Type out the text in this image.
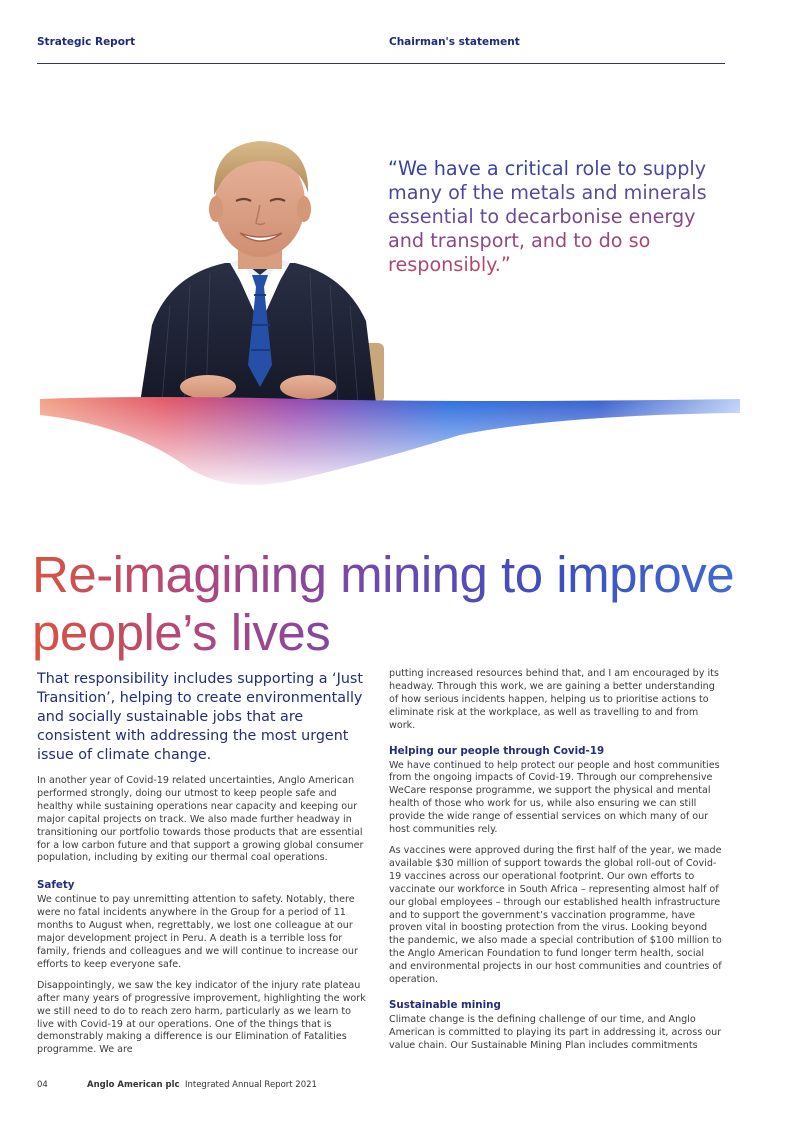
Strategic Report	Chairman's statement
“We have a critical role to supply many of the metals and minerals essential to decarbonise energy and transport, and to do so responsibly.”
Re-imagining mining to improve people’s lives

That responsibility includes supporting a ‘Just Transition’, helping to create environmentally and socially sustainable jobs that are consistent with addressing the most urgent issue of climate change.

In another year of Covid-19 related uncertainties, Anglo American performed strongly, doing our utmost to keep people safe and healthy while sustaining operations near capacity and keeping our major capital projects on track. We also made further headway in transitioning our portfolio towards those products that are essential for a low carbon future and that support a growing global consumer population, including by exiting our thermal coal operations.

Safety

We continue to pay unremitting attention to safety. Notably, there were no fatal incidents anywhere in the Group for a period of 11 months to August when, regrettably, we lost one colleague at our major development project in Peru. A death is a terrible loss for family, friends and colleagues and we will continue to increase our efforts to keep everyone safe.

Disappointingly, we saw the key indicator of the injury rate plateau after many years of progressive improvement, highlighting the work we still need to do to reach zero harm, particularly as we learn to live with Covid-19 at our operations. One of the things that is demonstrably making a difference is our Elimination of Fatalities programme. We are

putting increased resources behind that, and I am encouraged by its headway. Through this work, we are gaining a better understanding of how serious incidents happen, helping us to prioritise actions to eliminate risk at the workplace, as well as travelling to and from work.

Helping our people through Covid-19

We have continued to help protect our people and host communities from the ongoing impacts of Covid-19. Through our comprehensive WeCare response programme, we support the physical and mental health of those who work for us, while also ensuring we can still provide the wide range of essential services on which many of our host communities rely.

As vaccines were approved during the first half of the year, we made available $30 million of support towards the global roll-out of Covid-19 vaccines across our operational footprint. Our own efforts to vaccinate our workforce in South Africa – representing almost half of our global employees – through our established health infrastructure and to support the government’s vaccination programme, have proven vital in boosting protection from the virus. Looking beyond the pandemic, we also made a special contribution of $100 million to the Anglo American Foundation to fund longer term health, social and environmental projects in our host communities and countries of operation.

Sustainable mining

Climate change is the defining challenge of our time, and Anglo American is committed to playing its part in addressing it, across our value chain. Our Sustainable Mining Plan includes commitments

04	Anglo American plc Integrated Annual Report 2021
